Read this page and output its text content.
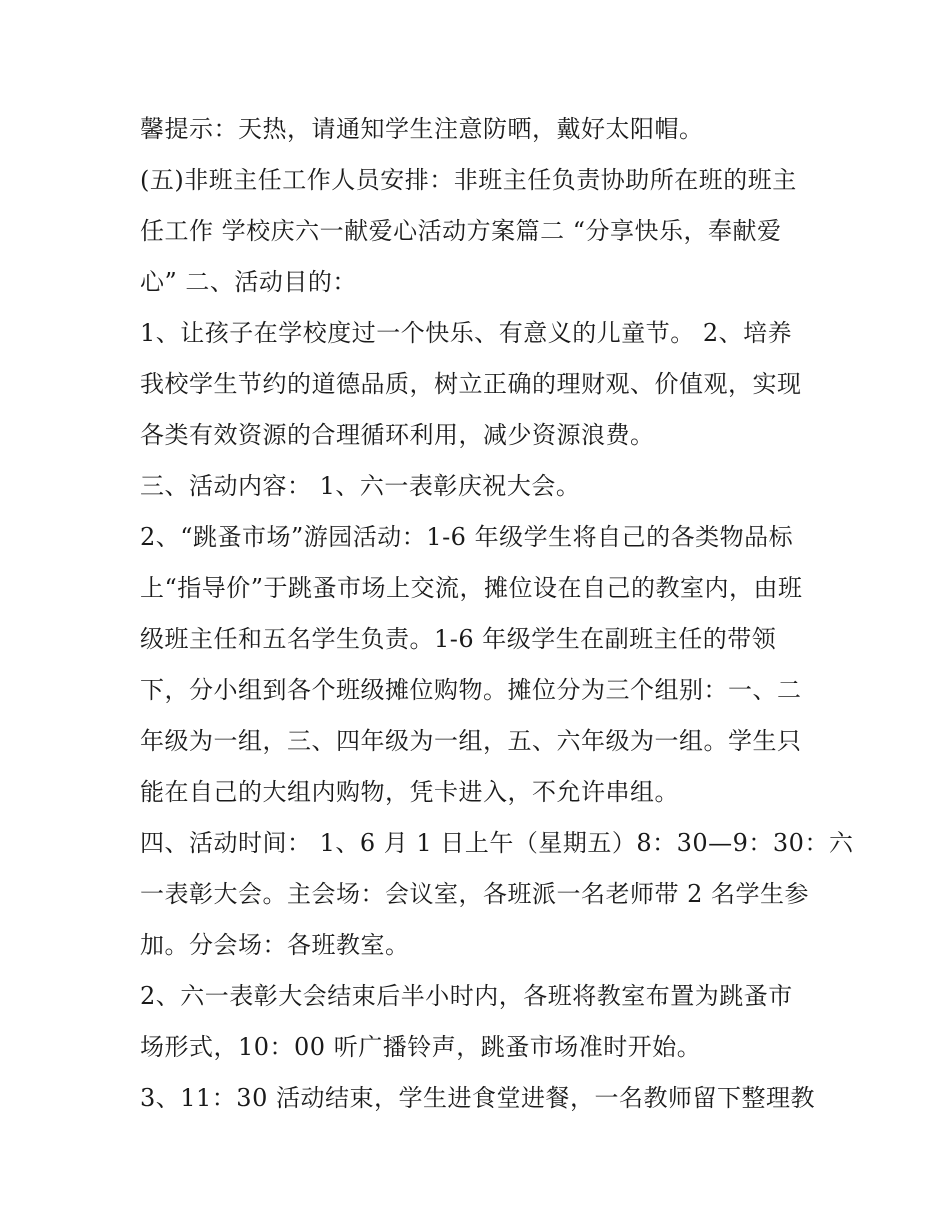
馨提示：天热，请通知学生注意防晒，戴好太阳帽。
(五)非班主任工作人员安排：非班主任负责协助所在班的班主
任工作 学校庆六一献爱心活动方案篇二 “分享快乐，奉献爱
心” 二、活动目的：
1、让孩子在学校度过一个快乐、有意义的儿童节。 2、培养
我校学生节约的道德品质，树立正确的理财观、价值观，实现
各类有效资源的合理循环利用，减少资源浪费。
三、活动内容： 1、六一表彰庆祝大会。
2、“跳蚤市场”游园活动：1-6 年级学生将自己的各类物品标
上“指导价”于跳蚤市场上交流，摊位设在自己的教室内，由班
级班主任和五名学生负责。1-6 年级学生在副班主任的带领
下，分小组到各个班级摊位购物。摊位分为三个组别：一、二
年级为一组，三、四年级为一组，五、六年级为一组。学生只
能在自己的大组内购物，凭卡进入，不允许串组。
四、活动时间： 1、6 月 1 日上午（星期五）8：30—9：30：六
一表彰大会。主会场：会议室，各班派一名老师带 2 名学生参
加。分会场：各班教室。
2、六一表彰大会结束后半小时内，各班将教室布置为跳蚤市
场形式，10：00 听广播铃声，跳蚤市场准时开始。
3、11：30 活动结束，学生进食堂进餐，一名教师留下整理教
